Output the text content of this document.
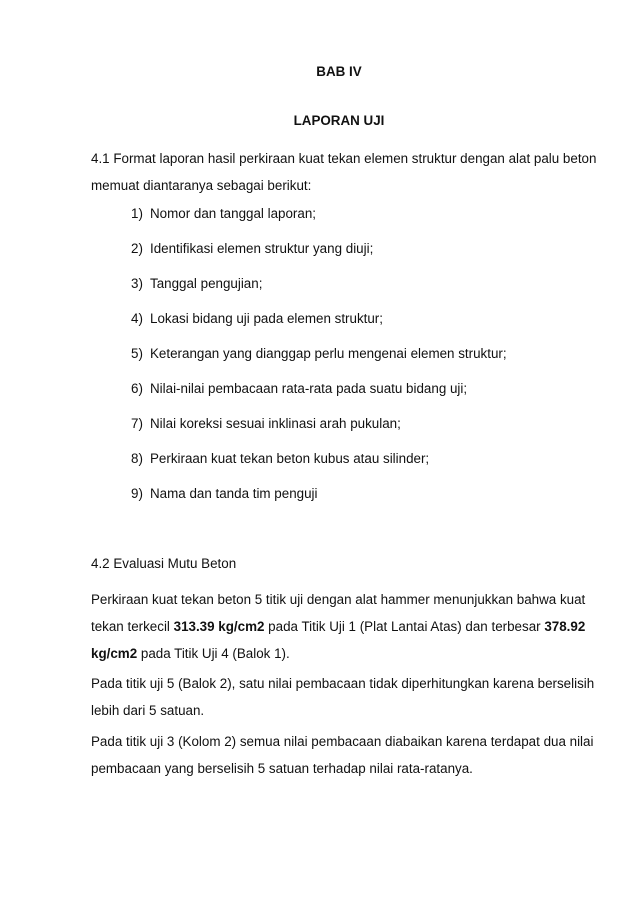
BAB IV
LAPORAN UJI

4.1 Format laporan hasil perkiraan kuat tekan elemen struktur dengan alat palu beton
memuat diantaranya sebagai berikut:

1) Nomor dan tanggal laporan;

2) Identifikasi elemen struktur yang diuji;

3) Tanggal pengujian;

4) Lokasi bidang uji pada elemen struktur;

5) Keterangan yang dianggap perlu mengenai elemen struktur;

6) Nilai-nilai pembacaan rata-rata pada suatu bidang uji;

7) Nilai koreksi sesuai inklinasi arah pukulan;

8) Perkiraan kuat tekan beton kubus atau silinder;

9) Nama dan tanda tim penguji

4.2 Evaluasi Mutu Beton

Perkiraan kuat tekan beton 5 titik uji dengan alat hammer menunjukkan bahwa kuat
tekan terkecil 313.39 kg/cm2 pada Titik Uji 1 (Plat Lantai Atas) dan terbesar 378.92
kg/cm2 pada Titik Uji 4 (Balok 1).

Pada titik uji 5 (Balok 2), satu nilai pembacaan tidak diperhitungkan karena berselisih
lebih dari 5 satuan.

Pada titik uji 3 (Kolom 2) semua nilai pembacaan diabaikan karena terdapat dua nilai
pembacaan yang berselisih 5 satuan terhadap nilai rata-ratanya.
